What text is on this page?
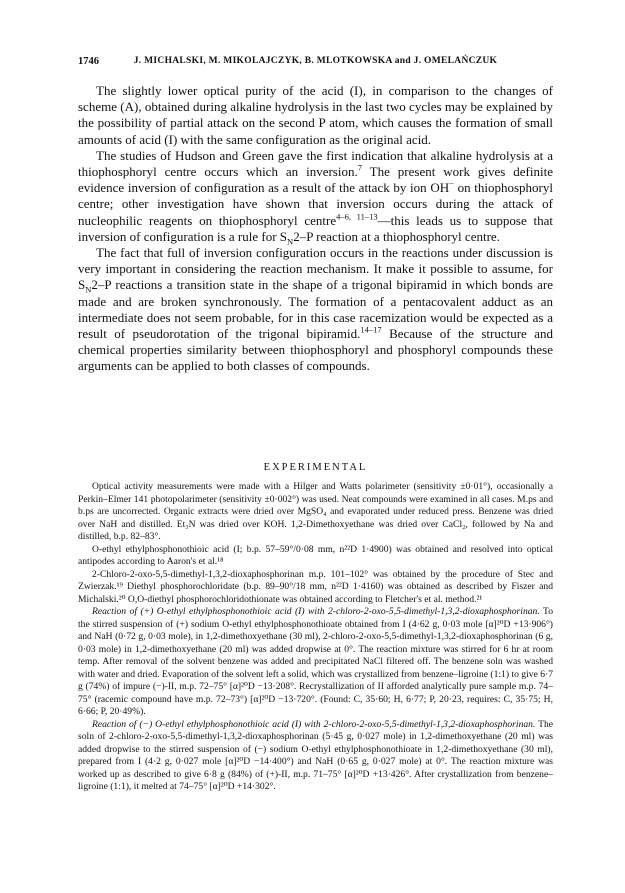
1746	J. MICHALSKI, M. MIKOLAJCZYK, B. MLOTKOWSKA and J. OMELAŃCZUK

The slightly lower optical purity of the acid (I), in comparison to the changes of scheme (A), obtained during alkaline hydrolysis in the last two cycles may be explained by the possibility of partial attack on the second P atom, which causes the formation of small amounts of acid (I) with the same configuration as the original acid.

The studies of Hudson and Green gave the first indication that alkaline hydrolysis at a thiophosphoryl centre occurs which an inversion.$^7$ The present work gives definite evidence inversion of configuration as a result of the attack by ion OH− on thiophosphoryl centre; other investigation have shown that inversion occurs during the attack of nucleophilic reagents on thiophosphoryl centre$^{4-6, 11-13}$—this leads us to suppose that inversion of configuration is a rule for $S_N2-P$ reaction at a thiophosphoryl centre.

The fact that full of inversion configuration occurs in the reactions under discussion is very important in considering the reaction mechanism. It make it possible to assume, for $S_N2-P$ reactions a transition state in the shape of a trigonal bipiramid in which bonds are made and are broken synchronously. The formation of a pentacovalent adduct as an intermediate does not seem probable, for in this case racemization would be expected as a result of pseudorotation of the trigonal bipiramid.$^{14-17}$ Because of the structure and chemical properties similarity between thiophosphoryl and phosphoryl compounds these arguments can be applied to both classes of compounds.

EXPERIMENTAL

Optical activity measurements were made with a Hilger and Watts polarimeter (sensitivity ±0·01°), occasionally a Perkin–Elmer 141 photopolarimeter (sensitivity ±0·002°) was used. Neat compounds were examined in all cases. M.ps and b.ps are uncorrected. Organic extracts were dried over MgSO₄ and evaporated under reduced press. Benzene was dried over NaH and distilled. Et₃N was dried over KOH. 1,2-Dimethoxyethane was dried over CaCl₂, followed by Na and distilled, b.p. 82–83°.

O-ethyl ethylphosphonothioic acid (I; b.p. 57–59°/0·08 mm, n²²D 1·4900) was obtained and resolved into optical antipodes according to Aaron's et al.¹⁸

2-Chloro-2-oxo-5,5-dimethyl-1,3,2-dioxaphosphorinan m.p. 101–102° was obtained by the procedure of Stec and Zwierzak.¹⁹ Diethyl phosphorochloridate (b.p. 89–90°/18 mm, n²²D 1·4160) was obtained as described by Fiszer and Michalski.²⁰ O,O-diethyl phosphorochloridothionate was obtained according to Fletcher's et al. method.²¹

Reaction of (+) O-ethyl ethylphosphonothioic acid (I) with 2-chloro-2-oxo-5,5-dimethyl-1,3,2-dioxaphosphorinan. To the stirred suspension of (+) sodium O-ethyl ethylphosphonothioate obtained from I (4·62 g, 0·03 mole [α]²⁰D +13·906°) and NaH (0·72 g, 0·03 mole), in 1,2-dimethoxyethane (30 ml), 2-chloro-2-oxo-5,5-dimethyl-1,3,2-dioxaphosphorinan (6 g, 0·03 mole) in 1,2-dimethoxyethane (20 ml) was added dropwise at 0°. The reaction mixture was stirred for 6 hr at room temp. After removal of the solvent benzene was added and precipitated NaCl filtered off. The benzene soln was washed with water and dried. Evaporation of the solvent left a solid, which was crystallized from benzene–ligroine (1:1) to give 6·7 g (74%) of impure (−)-II, m.p. 72–75° [α]²⁰D −13·208°. Recrystallization of II afforded analytically pure sample m.p. 74–75° (racemic compound have m.p. 72–73°) [α]²⁰D −13·720°. (Found: C, 35·60; H, 6·77; P, 20·23, requires: C, 35·75; H, 6·66; P, 20·49%).

Reaction of (−) O-ethyl ethylphosphonothioic acid (I) with 2-chloro-2-oxo-5,5-dimethyl-1,3,2-dioxaphosphorinan. The soln of 2-chloro-2-oxo-5,5-dimethyl-1,3,2-dioxaphosphorinan (5·45 g, 0·027 mole) in 1,2-dimethoxyethane (20 ml) was added dropwise to the stirred suspension of (−) sodium O-ethyl ethylphosphonothioate in 1,2-dimethoxyethane (30 ml), prepared from I (4·2 g, 0·027 mole [α]²⁰D −14·400°) and NaH (0·65 g, 0·027 mole) at 0°. The reaction mixture was worked up as described to give 6·8 g (84%) of (+)-II, m.p. 71–75° [α]²⁰D +13·426°. After crystallization from benzene–ligroine (1:1), it melted at 74–75° [α]²⁰D +14·302°.
